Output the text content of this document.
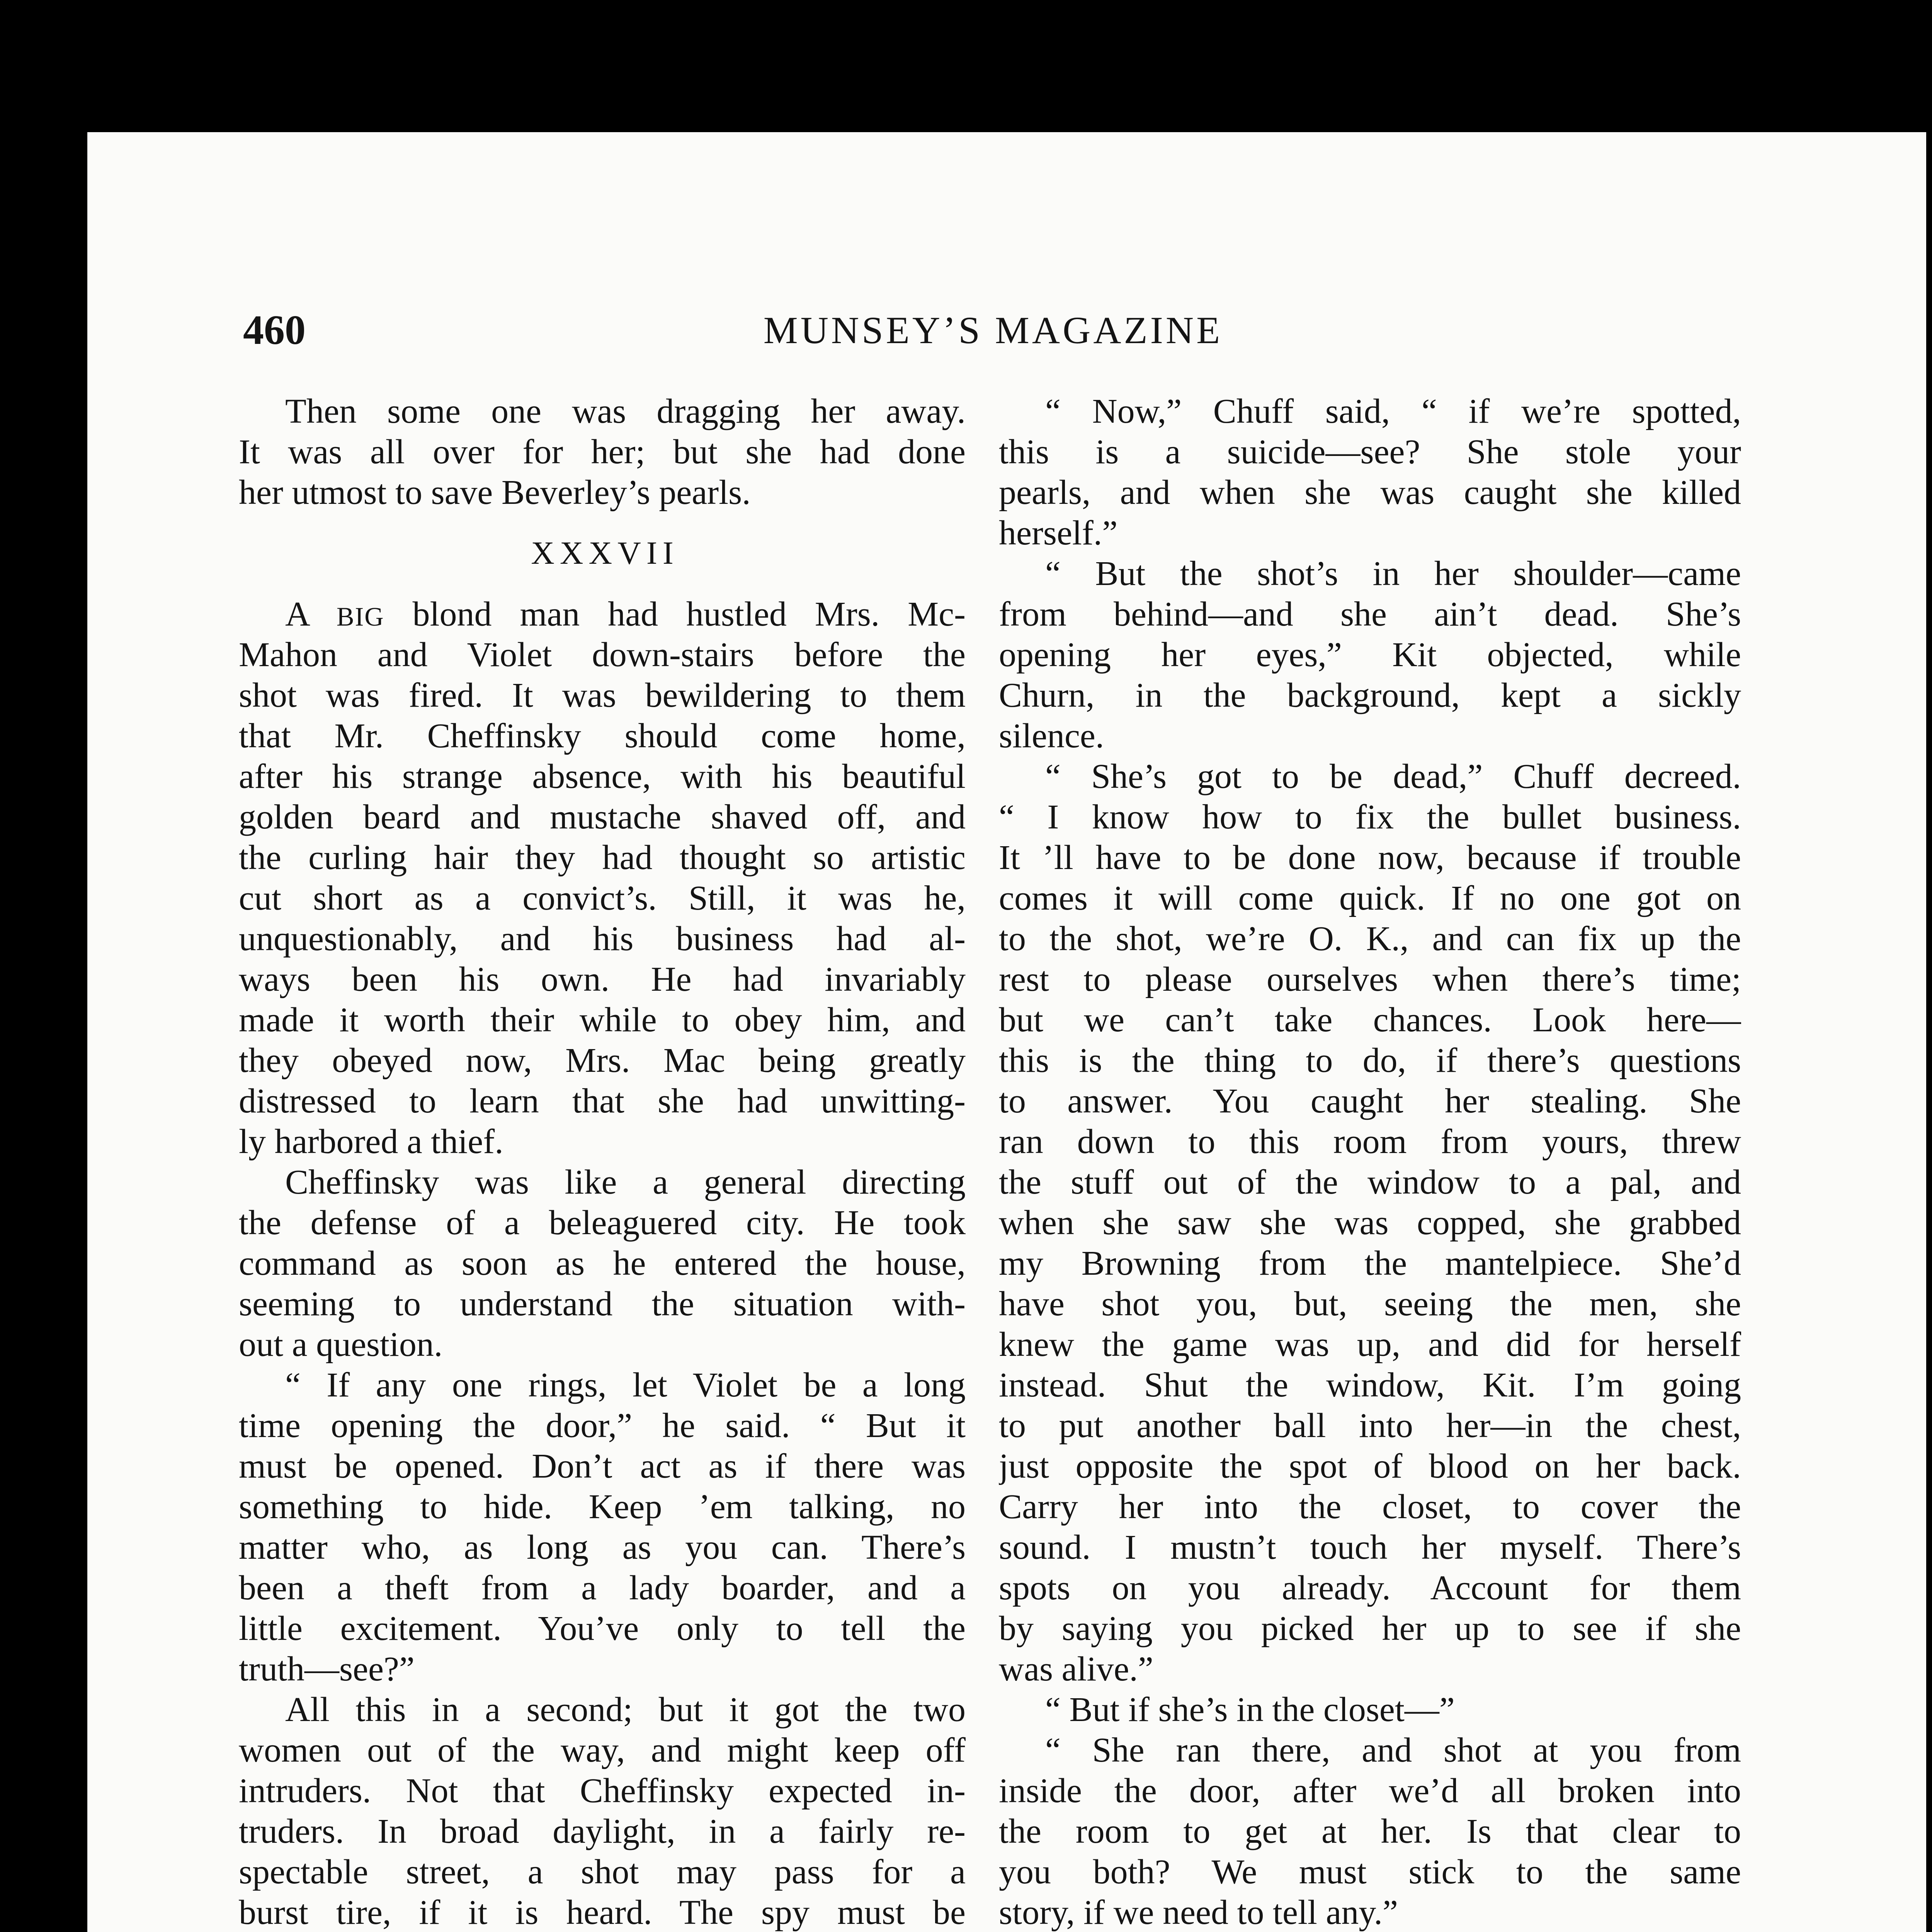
460	MUNSEY’S MAGAZINE
Then some one was dragging her away.
It was all over for her; but she had done
her utmost to save Beverley’s pearls.
XXXVII
A BIG blond man had hustled Mrs. Mc-
Mahon and Violet down-stairs before the
shot was fired. It was bewildering to them
that Mr. Cheffinsky should come home,
after his strange absence, with his beautiful
golden beard and mustache shaved off, and
the curling hair they had thought so artistic
cut short as a convict’s. Still, it was he,
unquestionably, and his business had al-
ways been his own. He had invariably
made it worth their while to obey him, and
they obeyed now, Mrs. Mac being greatly
distressed to learn that she had unwitting-
ly harbored a thief.
Cheffinsky was like a general directing
the defense of a beleaguered city. He took
command as soon as he entered the house,
seeming to understand the situation with-
out a question.
“ If any one rings, let Violet be a long
time opening the door,” he said. “ But it
must be opened. Don’t act as if there was
something to hide. Keep ’em talking, no
matter who, as long as you can. There’s
been a theft from a lady boarder, and a
little excitement. You’ve only to tell the
truth—see?”
All this in a second; but it got the two
women out of the way, and might keep off
intruders. Not that Cheffinsky expected in-
truders. In broad daylight, in a fairly re-
spectable street, a shot may pass for a
burst tire, if it is heard. The spy must be
“ Now,” Chuff said, “ if we’re spotted,
this is a suicide—see? She stole your
pearls, and when she was caught she killed
herself.”
“ But the shot’s in her shoulder—came
from behind—and she ain’t dead. She’s
opening her eyes,” Kit objected, while
Churn, in the background, kept a sickly
silence.
“ She’s got to be dead,” Chuff decreed.
“ I know how to fix the bullet business.
It ’ll have to be done now, because if trouble
comes it will come quick. If no one got on
to the shot, we’re O. K., and can fix up the
rest to please ourselves when there’s time;
but we can’t take chances. Look here—
this is the thing to do, if there’s questions
to answer. You caught her stealing. She
ran down to this room from yours, threw
the stuff out of the window to a pal, and
when she saw she was copped, she grabbed
my Browning from the mantelpiece. She’d
have shot you, but, seeing the men, she
knew the game was up, and did for herself
instead. Shut the window, Kit. I’m going
to put another ball into her—in the chest,
just opposite the spot of blood on her back.
Carry her into the closet, to cover the
sound. I mustn’t touch her myself. There’s
spots on you already. Account for them
by saying you picked her up to see if she
was alive.”
“ But if she’s in the closet—”
“ She ran there, and shot at you from
inside the door, after we’d all broken into
the room to get at her. Is that clear to
you both? We must stick to the same
story, if we need to tell any.”
